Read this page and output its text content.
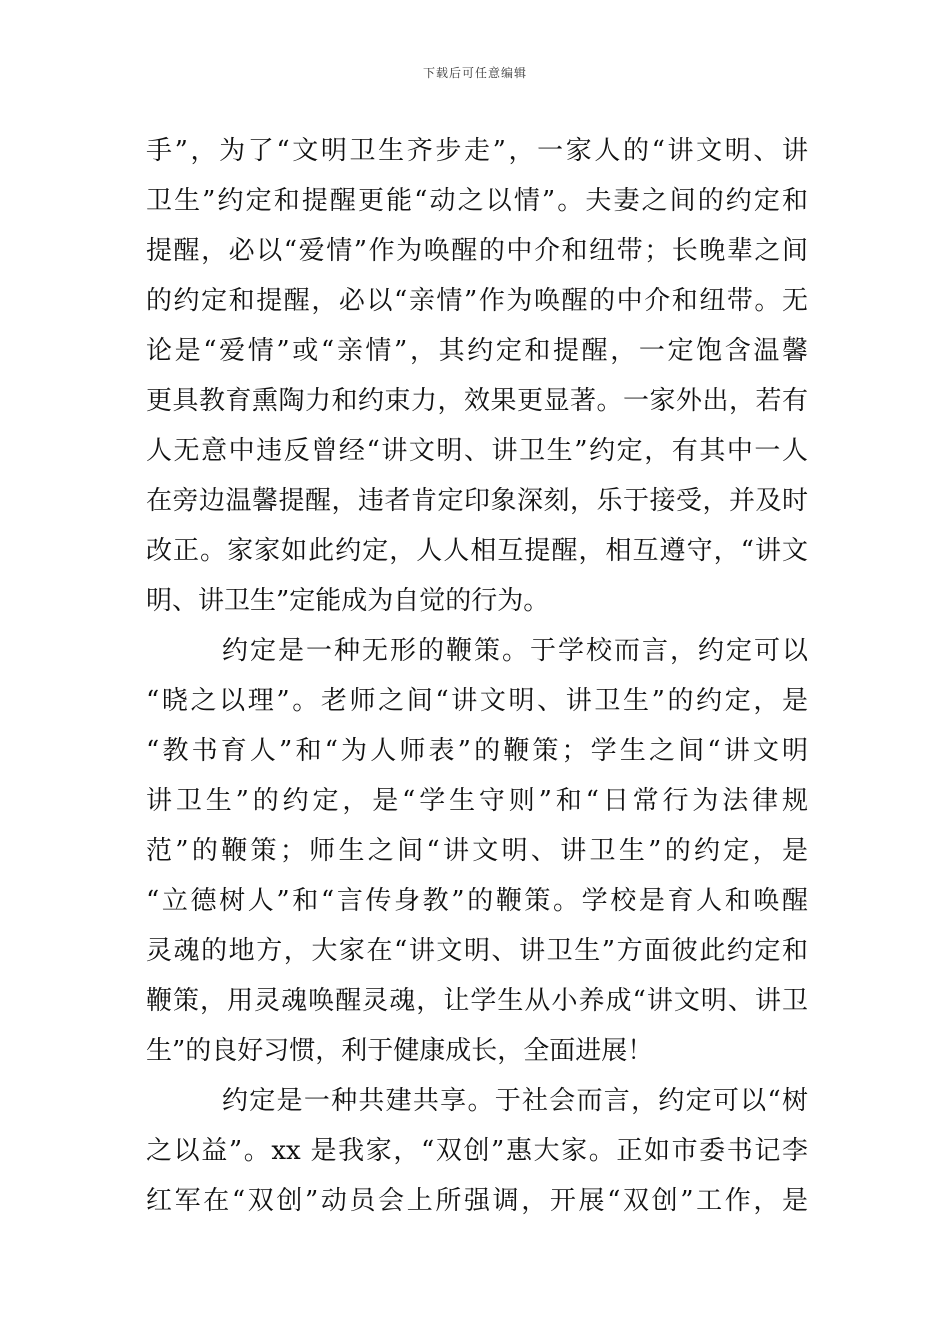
下载后可任意编辑
手”，为了“文明卫生齐步走”，一家人的“讲文明、讲
卫生”约定和提醒更能“动之以情”。夫妻之间的约定和
提醒，必以“爱情”作为唤醒的中介和纽带；长晚辈之间
的约定和提醒，必以“亲情”作为唤醒的中介和纽带。无
论是“爱情”或“亲情”，其约定和提醒，一定饱含温馨
更具教育熏陶力和约束力，效果更显著。一家外出，若有
人无意中违反曾经“讲文明、讲卫生”约定，有其中一人
在旁边温馨提醒，违者肯定印象深刻，乐于接受，并及时
改正。家家如此约定，人人相互提醒，相互遵守，“讲文
明、讲卫生”定能成为自觉的行为。
约定是一种无形的鞭策。于学校而言，约定可以
“晓之以理”。老师之间“讲文明、讲卫生”的约定，是
“教书育人”和“为人师表”的鞭策；学生之间“讲文明
讲卫生”的约定，是“学生守则”和“日常行为法律规
范”的鞭策；师生之间“讲文明、讲卫生”的约定，是
“立德树人”和“言传身教”的鞭策。学校是育人和唤醒
灵魂的地方，大家在“讲文明、讲卫生”方面彼此约定和
鞭策，用灵魂唤醒灵魂，让学生从小养成“讲文明、讲卫
生”的良好习惯，利于健康成长，全面进展！
约定是一种共建共享。于社会而言，约定可以“树
之以益”。xx 是我家，“双创”惠大家。正如市委书记李
红军在“双创”动员会上所强调，开展“双创”工作，是
